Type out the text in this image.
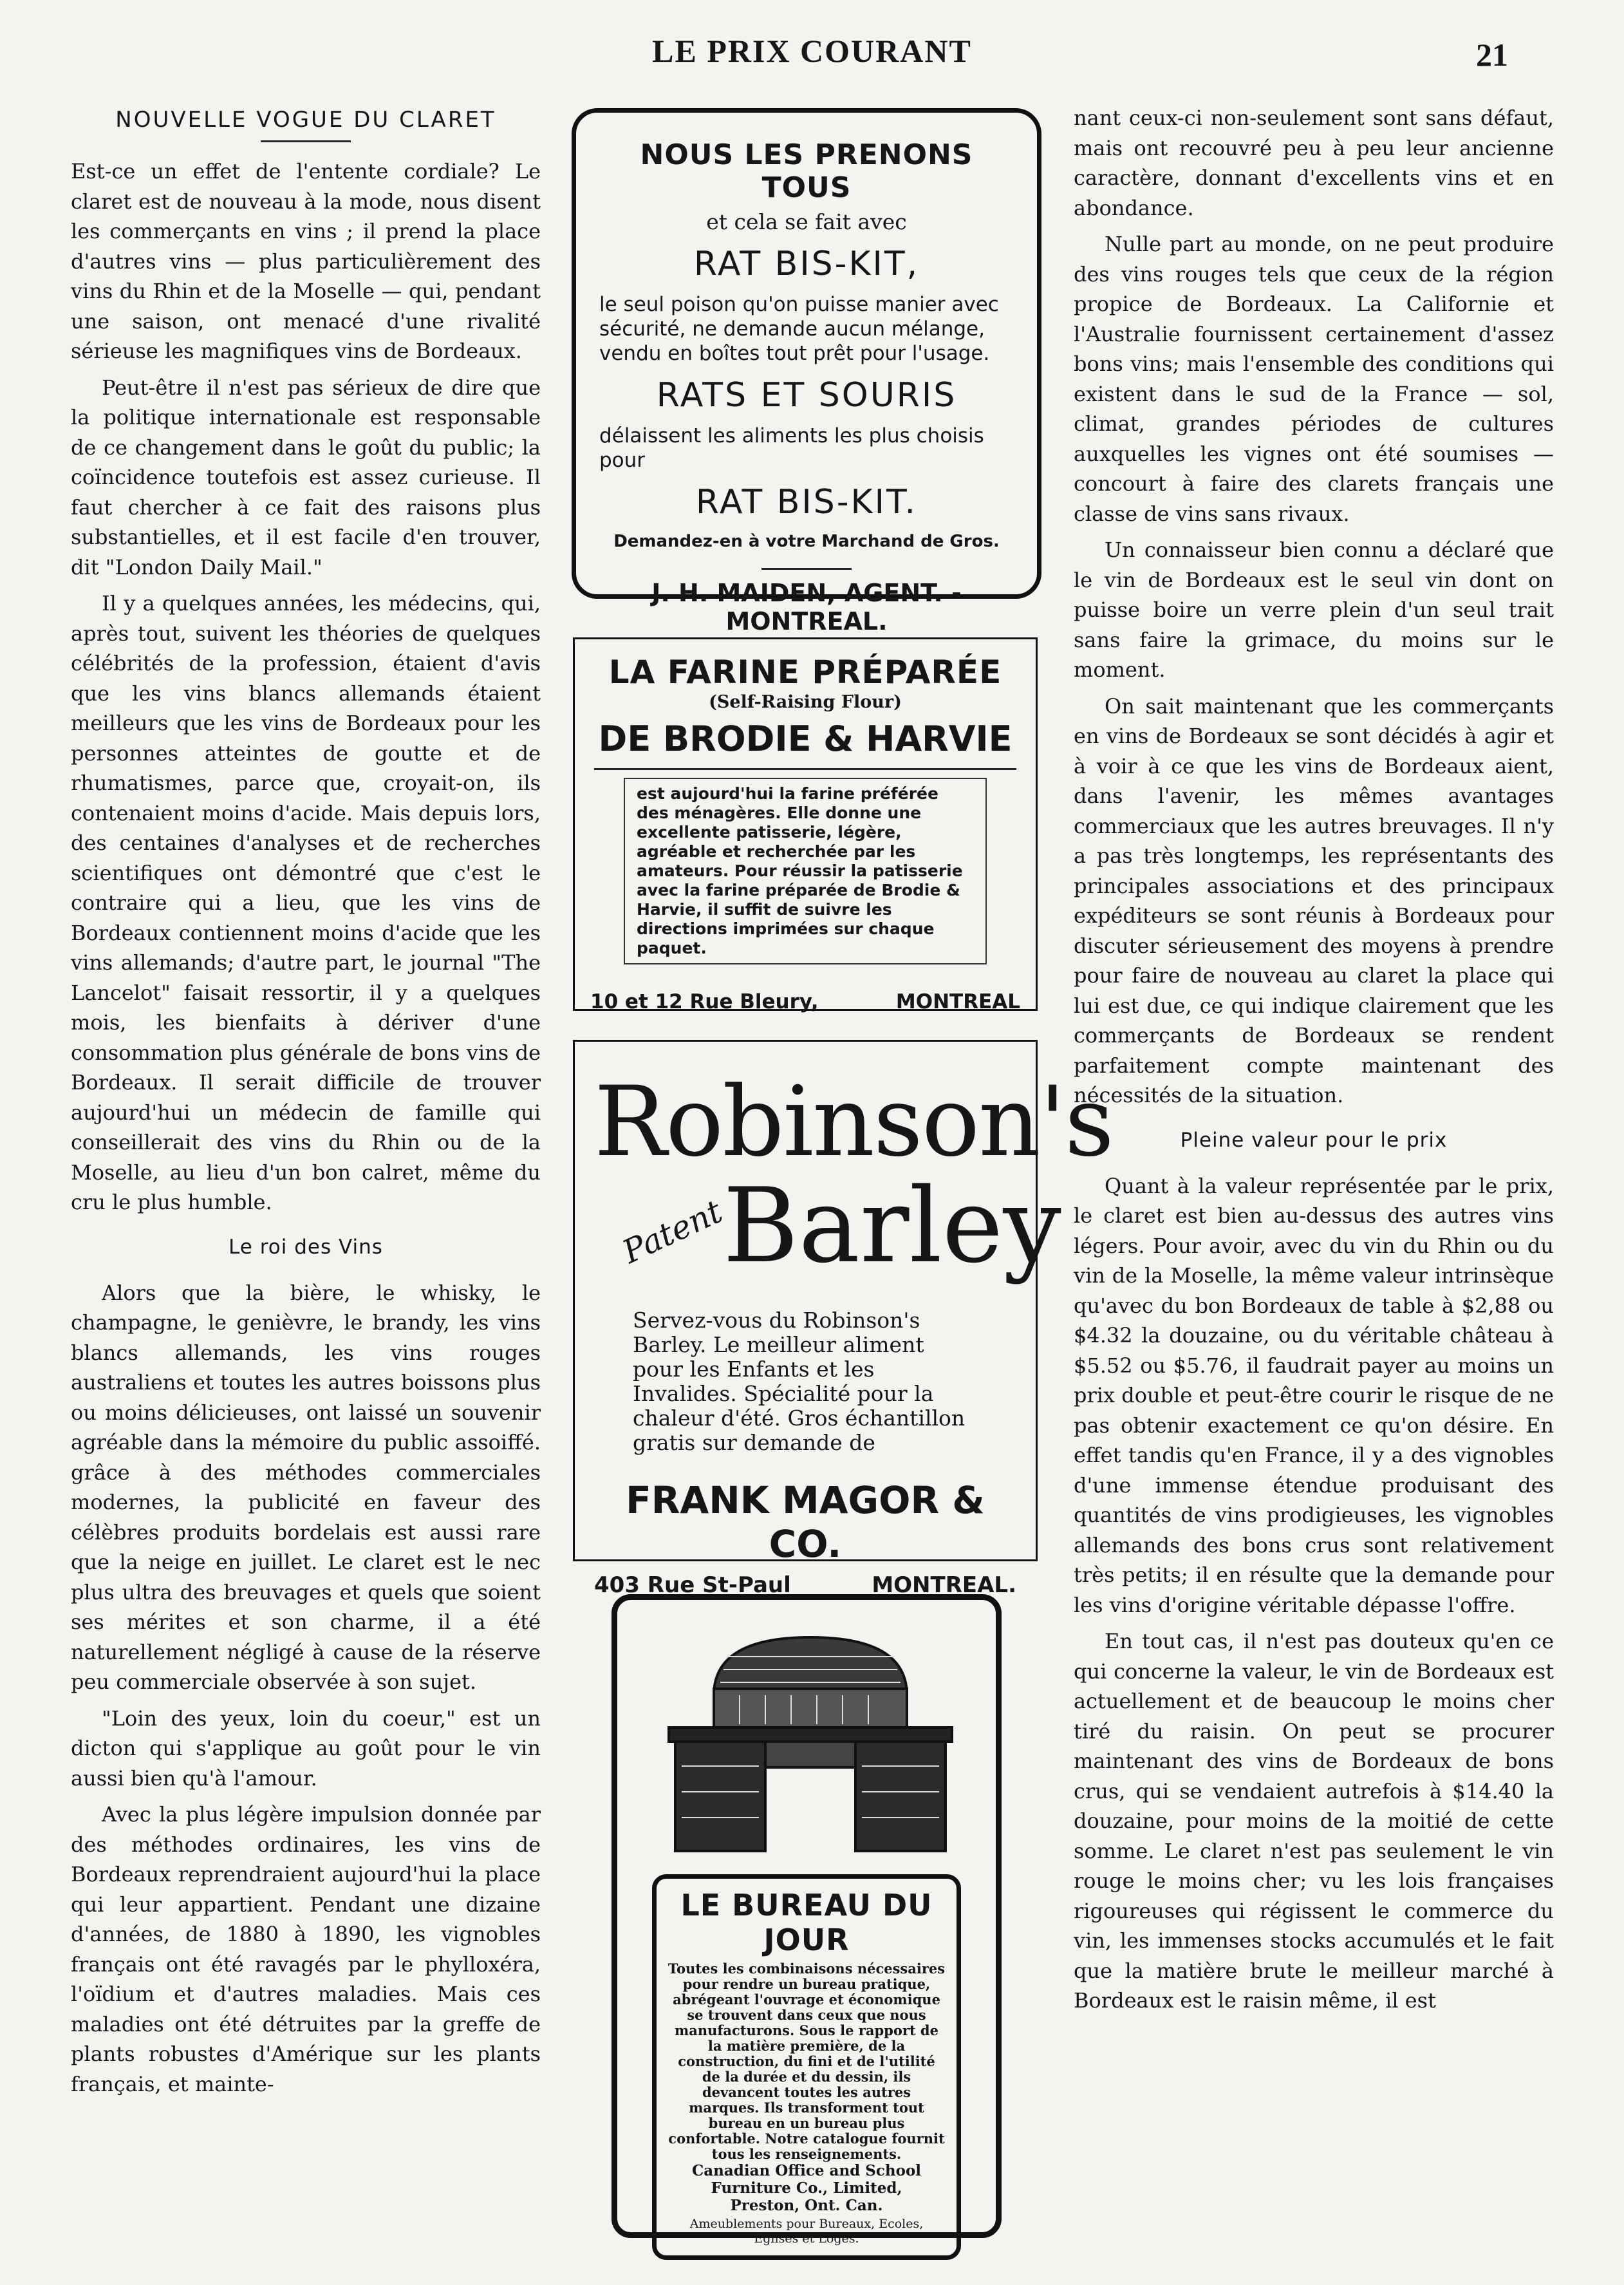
LE PRIX COURANT	21
NOUVELLE VOGUE DU CLARET

Est-ce un effet de l'entente cordiale? Le claret est de nouveau à la mode, nous disent les commerçants en vins ; il prend la place d'autres vins — plus particulièrement des vins du Rhin et de la Moselle — qui, pendant une saison, ont menacé d'une rivalité sérieuse les magnifiques vins de Bordeaux.

Peut-être il n'est pas sérieux de dire que la politique internationale est responsable de ce changement dans le goût du public; la coïncidence toutefois est assez curieuse. Il faut chercher à ce fait des raisons plus substantielles, et il est facile d'en trouver, dit "London Daily Mail."

Il y a quelques années, les médecins, qui, après tout, suivent les théories de quelques célébrités de la profession, étaient d'avis que les vins blancs allemands étaient meilleurs que les vins de Bordeaux pour les personnes atteintes de goutte et de rhumatismes, parce que, croyait-on, ils contenaient moins d'acide. Mais depuis lors, des centaines d'analyses et de recherches scientifiques ont démontré que c'est le contraire qui a lieu, que les vins de Bordeaux contiennent moins d'acide que les vins allemands; d'autre part, le journal "The Lancelot" faisait ressortir, il y a quelques mois, les bienfaits à dériver d'une consommation plus générale de bons vins de Bordeaux. Il serait difficile de trouver aujourd'hui un médecin de famille qui conseillerait des vins du Rhin ou de la Moselle, au lieu d'un bon calret, même du cru le plus humble.

Le roi des Vins

Alors que la bière, le whisky, le champagne, le genièvre, le brandy, les vins blancs allemands, les vins rouges australiens et toutes les autres boissons plus ou moins délicieuses, ont laissé un souvenir agréable dans la mémoire du public assoiffé. grâce à des méthodes commerciales modernes, la publicité en faveur des célèbres produits bordelais est aussi rare que la neige en juillet. Le claret est le nec plus ultra des breuvages et quels que soient ses mérites et son charme, il a été naturellement négligé à cause de la réserve peu commerciale observée à son sujet.

"Loin des yeux, loin du coeur," est un dicton qui s'applique au goût pour le vin aussi bien qu'à l'amour.

Avec la plus légère impulsion donnée par des méthodes ordinaires, les vins de Bordeaux reprendraient aujourd'hui la place qui leur appartient. Pendant une dizaine d'années, de 1880 à 1890, les vignobles français ont été ravagés par le phylloxéra, l'oïdium et d'autres maladies. Mais ces maladies ont été détruites par la greffe de plants robustes d'Amérique sur les plants français, et mainte-

nant ceux-ci non-seulement sont sans défaut, mais ont recouvré peu à peu leur ancienne caractère, donnant d'excellents vins et en abondance.

Nulle part au monde, on ne peut produire des vins rouges tels que ceux de la région propice de Bordeaux. La Californie et l'Australie fournissent certainement d'assez bons vins; mais l'ensemble des conditions qui existent dans le sud de la France — sol, climat, grandes périodes de cultures auxquelles les vignes ont été soumises — concourt à faire des clarets français une classe de vins sans rivaux.

Un connaisseur bien connu a déclaré que le vin de Bordeaux est le seul vin dont on puisse boire un verre plein d'un seul trait sans faire la grimace, du moins sur le moment.

On sait maintenant que les commerçants en vins de Bordeaux se sont décidés à agir et à voir à ce que les vins de Bordeaux aient, dans l'avenir, les mêmes avantages commerciaux que les autres breuvages. Il n'y a pas très longtemps, les représentants des principales associations et des principaux expéditeurs se sont réunis à Bordeaux pour discuter sérieusement des moyens à prendre pour faire de nouveau au claret la place qui lui est due, ce qui indique clairement que les commerçants de Bordeaux se rendent parfaitement compte maintenant des nécessités de la situation.

Pleine valeur pour le prix

Quant à la valeur représentée par le prix, le claret est bien au-dessus des autres vins légers. Pour avoir, avec du vin du Rhin ou du vin de la Moselle, la même valeur intrinsèque qu'avec du bon Bordeaux de table à $2,88 ou $4.32 la douzaine, ou du véritable château à $5.52 ou $5.76, il faudrait payer au moins un prix double et peut-être courir le risque de ne pas obtenir exactement ce qu'on désire. En effet tandis qu'en France, il y a des vignobles d'une immense étendue produisant des quantités de vins prodigieuses, les vignobles allemands des bons crus sont relativement très petits; il en résulte que la demande pour les vins d'origine véritable dépasse l'offre.

En tout cas, il n'est pas douteux qu'en ce qui concerne la valeur, le vin de Bordeaux est actuellement et de beaucoup le moins cher tiré du raisin. On peut se procurer maintenant des vins de Bordeaux de bons crus, qui se vendaient autrefois à $14.40 la douzaine, pour moins de la moitié de cette somme. Le claret n'est pas seulement le vin rouge le moins cher; vu les lois françaises rigoureuses qui régissent le commerce du vin, les immenses stocks accumulés et le fait que la matière brute le meilleur marché à Bordeaux est le raisin même, il est

NOUS LES PRENONS TOUS
et cela se fait avec
RAT BIS-KIT,
le seul poison qu'on puisse manier avec sécurité, ne demande aucun mélange, vendu en boîtes tout prêt pour l'usage.
RATS ET SOURIS
délaissent les aliments les plus choisis pour
RAT BIS-KIT.
Demandez-en à votre Marchand de Gros.
J. H. MAIDEN, AGENT. - MONTREAL.
LA FARINE PRÉPARÉE
(Self-Raising Flour)
DE BRODIE & HARVIE
est aujourd'hui la farine préférée des ménagères. Elle donne une excellente patisserie, légère, agréable et recherchée par les amateurs. Pour réussir la patisserie avec la farine préparée de Brodie & Harvie, il suffit de suivre les directions imprimées sur chaque paquet.
10 et 12 Rue Bleury,	MONTREAL
Robinson's
Patent
Barley
Servez-vous du Robinson's Barley. Le meilleur aliment pour les Enfants et les Invalides. Spécialité pour la chaleur d'été. Gros échantillon gratis sur demande de
FRANK MAGOR & CO.
403 Rue St-Paul	MONTREAL.
LE BUREAU DU JOUR
Toutes les combinaisons nécessaires pour rendre un bureau pratique, abrégeant l'ouvrage et économique se trouvent dans ceux que nous manufacturons. Sous le rapport de la matière première, de la construction, du fini et de l'utilité de la durée et du dessin, ils devancent toutes les autres marques. Ils transforment tout bureau en un bureau plus confortable. Notre catalogue fournit tous les renseignements.
Canadian Office and School
Furniture Co., Limited,
Preston, Ont. Can.
Ameublements pour Bureaux, Ecoles, Eglises et Loges.
